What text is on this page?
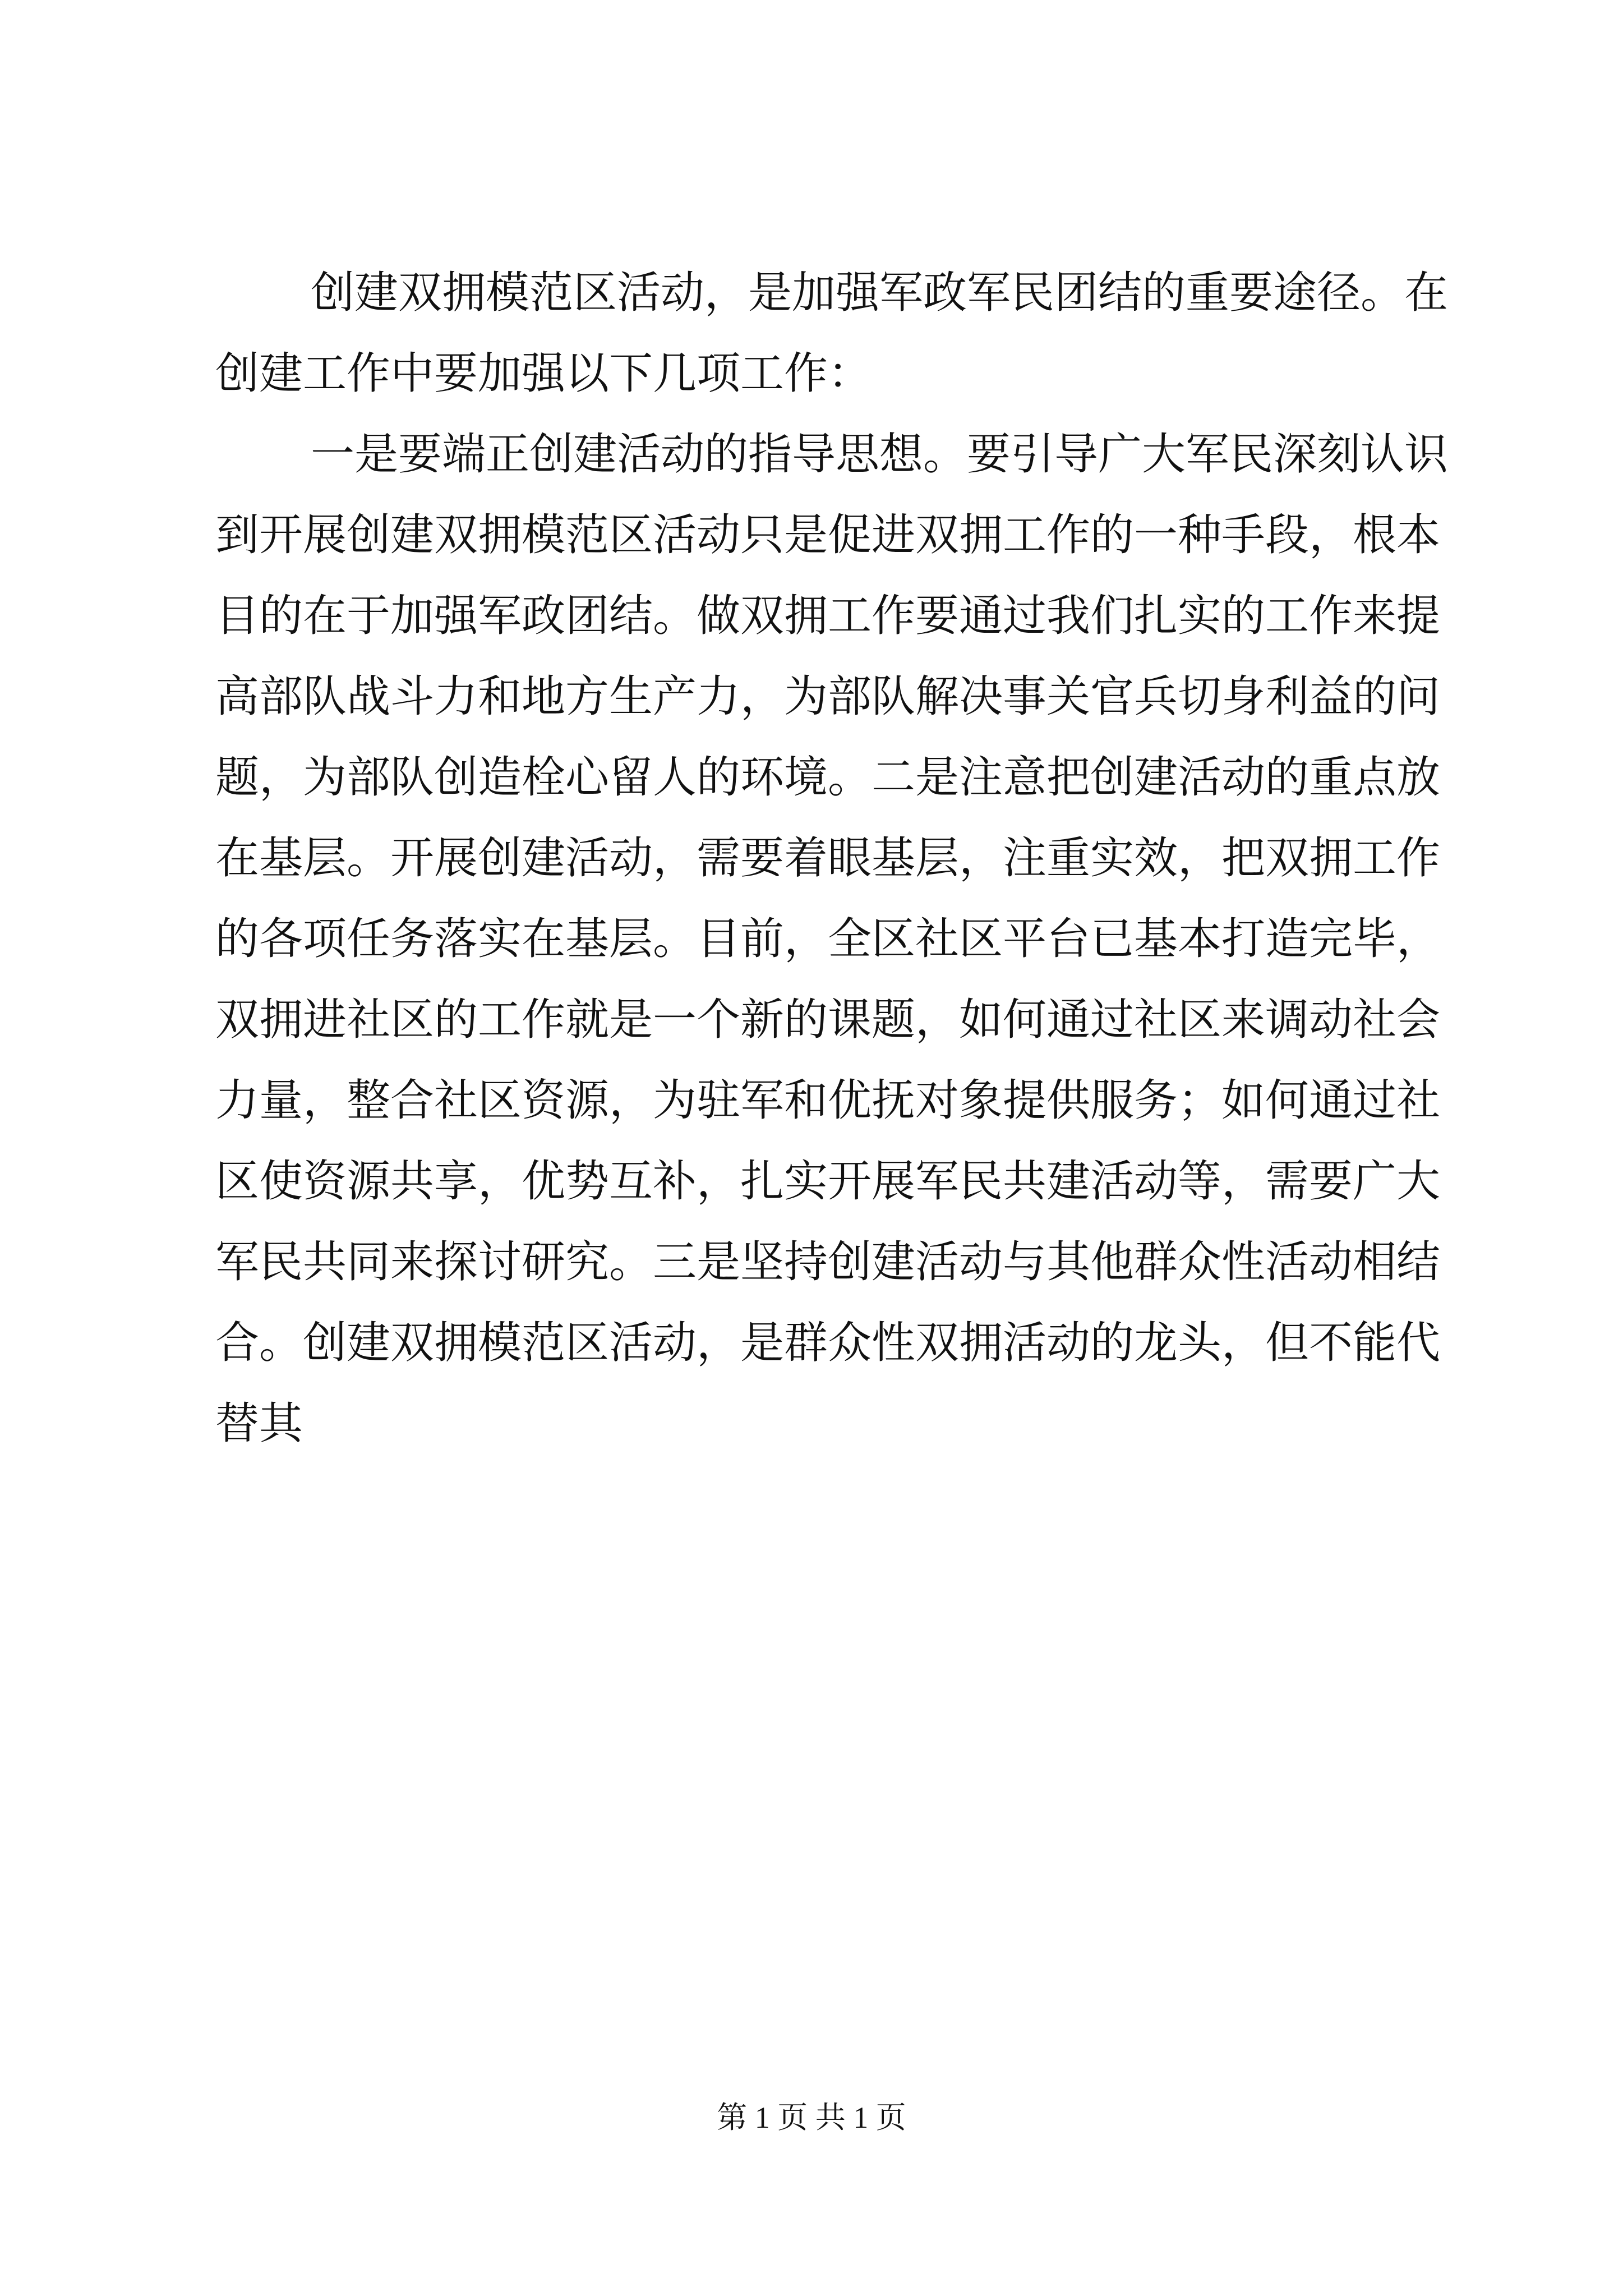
创建双拥模范区活动，是加强军政军民团结的重要途径。在
创建工作中要加强以下几项工作：
一是要端正创建活动的指导思想。要引导广大军民深刻认识
到开展创建双拥模范区活动只是促进双拥工作的一种手段，根本
目的在于加强军政团结。做双拥工作要通过我们扎实的工作来提
高部队战斗力和地方生产力，为部队解决事关官兵切身利益的问
题，为部队创造栓心留人的环境。二是注意把创建活动的重点放
在基层。开展创建活动，需要着眼基层，注重实效，把双拥工作
的各项任务落实在基层。目前，全区社区平台已基本打造完毕，
双拥进社区的工作就是一个新的课题，如何通过社区来调动社会
力量，整合社区资源，为驻军和优抚对象提供服务；如何通过社
区使资源共享，优势互补，扎实开展军民共建活动等，需要广大
军民共同来探讨研究。三是坚持创建活动与其他群众性活动相结
合。创建双拥模范区活动，是群众性双拥活动的龙头，但不能代
替其
第 1 页 共 1 页
